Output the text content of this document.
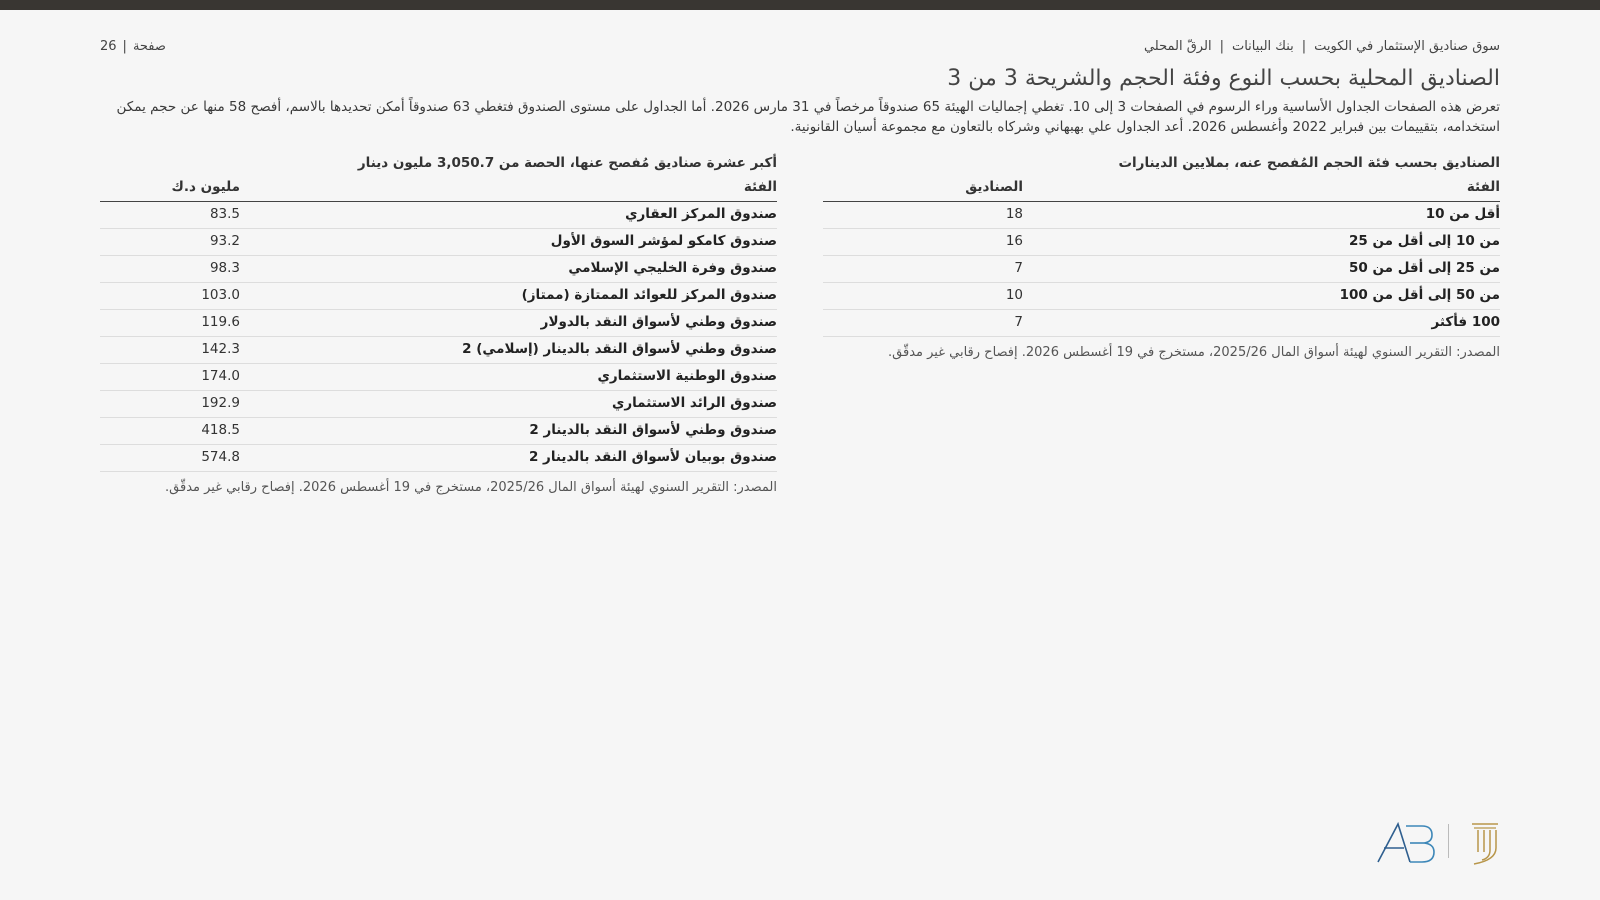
سوق صناديق الإستثمار في الكويت
|
بنك البيانات
|
الرقّ المحلي
صفحة
|
26
الصناديق المحلية بحسب النوع وفئة الحجم والشريحة 3 من 3

تعرض هذه الصفحات الجداول الأساسية وراء الرسوم في الصفحات 3 إلى 10. تغطي إجماليات الهيئة 65 صندوقاً مرخصاً في 31 مارس 2026. أما الجداول على مستوى الصندوق فتغطي 63 صندوقاً أمكن تحديدها بالاسم، أفصح 58 منها عن حجم يمكن استخدامه، بتقييمات بين فبراير 2022 وأغسطس 2026. أعد الجداول علي بهبهاني وشركاه بالتعاون مع مجموعة أسيان القانونية.

الصناديق بحسب فئة الحجم المُفصح عنه، بملايين الدينارات
الفئة
الصناديق
أقل من 10
18
من 10 إلى أقل من 25
16
من 25 إلى أقل من 50
7
من 50 إلى أقل من 100
10
100 فأكثر
7
المصدر: التقرير السنوي لهيئة أسواق المال 2025/26، مستخرج في 19 أغسطس 2026. إفصاح رقابي غير مدقّق.
أكبر عشرة صناديق مُفصح عنها، الحصة من 3,050.7 مليون دينار
الفئة
مليون د.ك
صندوق المركز العقاري
83.5
صندوق كامكو لمؤشر السوق الأول
93.2
صندوق وفرة الخليجي الإسلامي
98.3
صندوق المركز للعوائد الممتازة (ممتاز)
103.0
صندوق وطني لأسواق النقد بالدولار
119.6
صندوق وطني لأسواق النقد بالدينار (إسلامي) 2
142.3
صندوق الوطنية الاستثماري
174.0
صندوق الرائد الاستثماري
192.9
صندوق وطني لأسواق النقد بالدينار 2
418.5
صندوق بوبيان لأسواق النقد بالدينار 2
574.8
المصدر: التقرير السنوي لهيئة أسواق المال 2025/26، مستخرج في 19 أغسطس 2026. إفصاح رقابي غير مدقّق.
